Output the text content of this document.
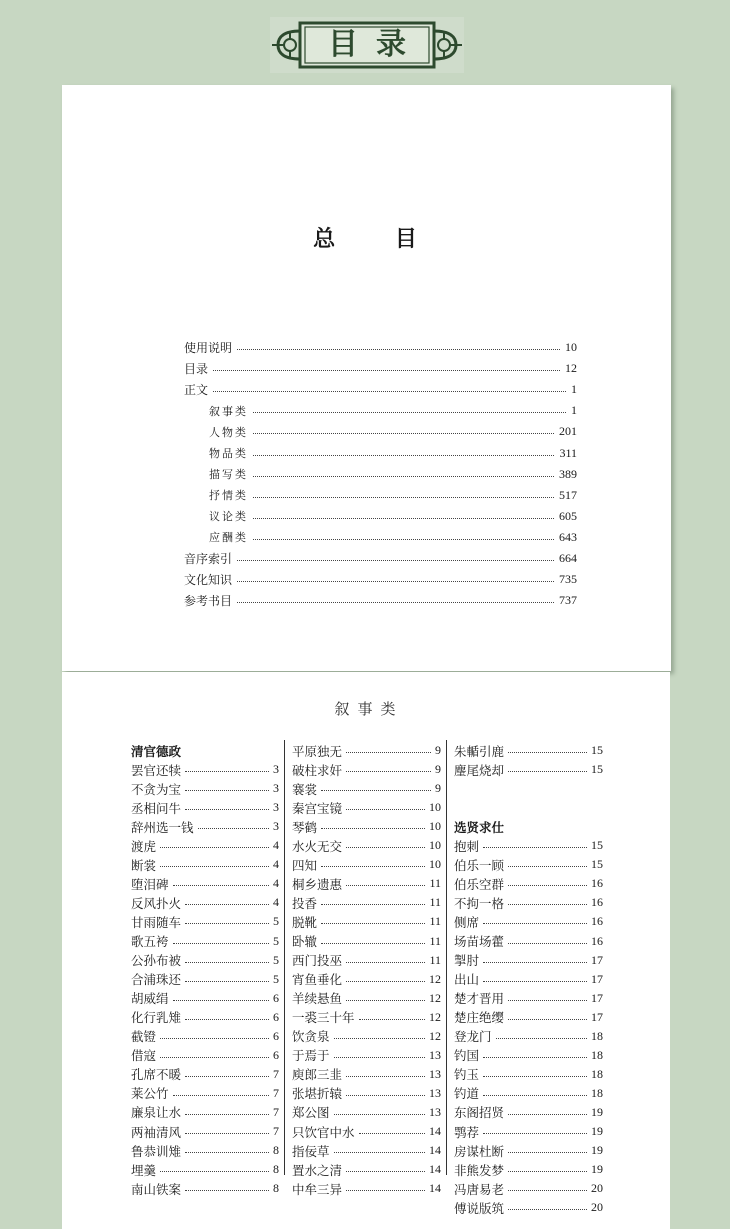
目录
总 目
使用说明	10
目录	12
正文	1
叙事类	1
人物类	201
物品类	311
描写类	389
抒情类	517
议论类	605
应酬类	643
音序索引	664
文化知识	735
参考书目	737
叙事类
清官德政
罢官还犊	3
不贪为宝	3
丞相问牛	3
辞州选一钱	3
渡虎	4
断裳	4
堕泪碑	4
反风扑火	4
甘雨随车	5
歌五袴	5
公孙布被	5
合浦珠还	5
胡威绢	6
化行乳雉	6
截镫	6
借寇	6
孔席不暖	7
莱公竹	7
廉泉让水	7
两袖清风	7
鲁恭训雉	8
埋羹	8
南山铁案	8
平原独无	9
破柱求奸	9
褰裳	9
秦宫宝镜	10
琴鹤	10
水火无交	10
四知	10
桐乡遗惠	11
投香	11
脱靴	11
卧辙	11
西门投巫	11
宵鱼垂化	12
羊续悬鱼	12
一裘三十年	12
饮贪泉	12
于焉于	13
庾郎三韭	13
张堪折辕	13
郑公图	13
只饮官中水	14
指佞草	14
置水之清	14
中牟三异	14
朱輴引鹿	15
麈尾烧却	15
选贤求仕
抱刺	15
伯乐一顾	15
伯乐空群	16
不拘一格	16
侧席	16
场苗场藿	16
掣肘	17
出山	17
楚才晋用	17
楚庄绝缨	17
登龙门	18
钓国	18
钓玉	18
钓道	18
东阁招贤	19
鹗荐	19
房谋杜断	19
非熊发梦	19
冯唐易老	20
傅说版筑	20
